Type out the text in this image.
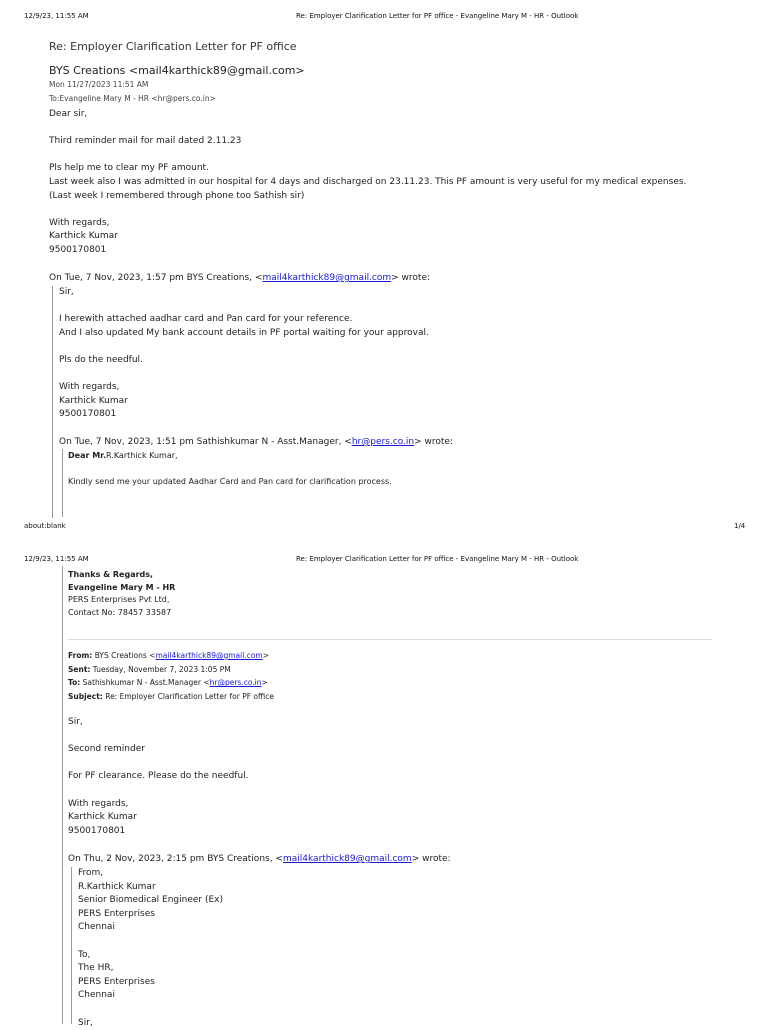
12/9/23, 11:55 AM	Re: Employer Clarification Letter for PF office - Evangeline Mary M - HR - Outlook
Re: Employer Clarification Letter for PF office
BYS Creations <mail4karthick89@gmail.com>
Mon 11/27/2023 11:51 AM
To:Evangeline Mary M - HR <hr@pers.co.in>
Dear sir,
Third reminder mail for mail dated 2.11.23
Pls help me to clear my PF amount.
Last week also I was admitted in our hospital for 4 days and discharged on 23.11.23. This PF amount is very useful for my medical expenses.
(Last week I remembered through phone too Sathish sir)
With regards,
Karthick Kumar
9500170801
On Tue, 7 Nov, 2023, 1:57 pm BYS Creations, <mail4karthick89@gmail.com> wrote:
Sir,
I herewith attached aadhar card and Pan card for your reference.
And I also updated My bank account details in PF portal waiting for your approval.
Pls do the needful.
With regards,
Karthick Kumar
9500170801
On Tue, 7 Nov, 2023, 1:51 pm Sathishkumar N - Asst.Manager, <hr@pers.co.in> wrote:
Dear Mr.R.Karthick Kumar,
Kindly send me your updated Aadhar Card and Pan card for clarification process.
about:blank	1/4
12/9/23, 11:55 AM	Re: Employer Clarification Letter for PF office - Evangeline Mary M - HR - Outlook
Thanks & Regards,
Evangeline Mary M - HR
PERS Enterprises Pvt Ltd,
Contact No: 78457 33587
From: BYS Creations <mail4karthick89@gmail.com>
Sent: Tuesday, November 7, 2023 1:05 PM
To: Sathishkumar N - Asst.Manager <hr@pers.co.in>
Subject: Re: Employer Clarification Letter for PF office
Sir,
Second reminder
For PF clearance. Please do the needful.
With regards,
Karthick Kumar
9500170801
On Thu, 2 Nov, 2023, 2:15 pm BYS Creations, <mail4karthick89@gmail.com> wrote:
From,
R.Karthick Kumar
Senior Biomedical Engineer (Ex)
PERS Enterprises
Chennai
To,
The HR,
PERS Enterprises
Chennai
Sir,
